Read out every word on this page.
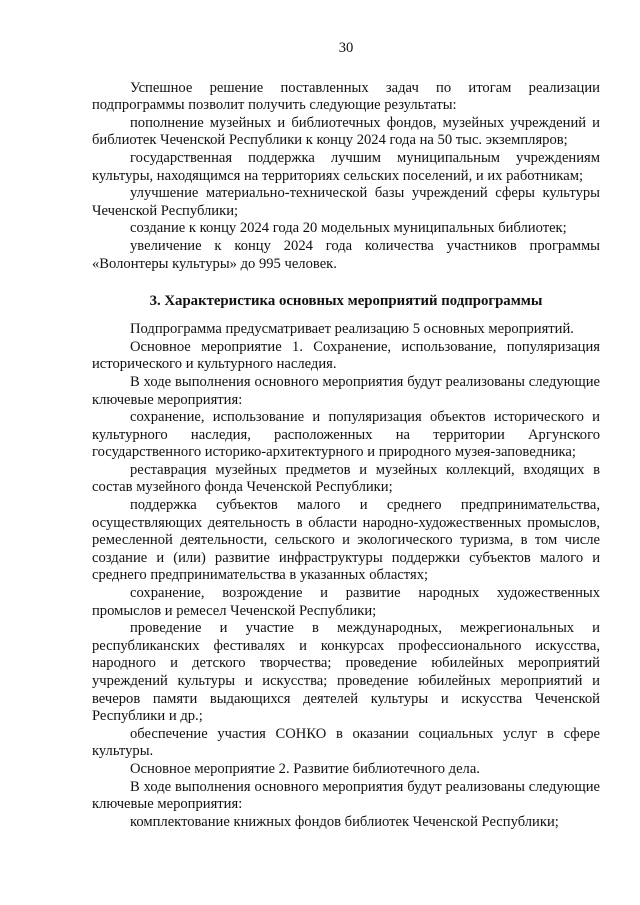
30

Успешное решение поставленных задач по итогам реализации подпрограммы позволит получить следующие результаты:

пополнение музейных и библиотечных фондов, музейных учреждений и библиотек Чеченской Республики к концу 2024 года на 50 тыс. экземпляров;

государственная поддержка лучшим муниципальным учреждениям культуры, находящимся на территориях сельских поселений, и их работникам;

улучшение материально-технической базы учреждений сферы культуры Чеченской Республики;

создание к концу 2024 года 20 модельных муниципальных библиотек;

увеличение к концу 2024 года количества участников программы «Волонтеры культуры» до 995 человек.

3. Характеристика основных мероприятий подпрограммы

Подпрограмма предусматривает реализацию 5 основных мероприятий.

Основное мероприятие 1. Сохранение, использование, популяризация исторического и культурного наследия.

В ходе выполнения основного мероприятия будут реализованы следующие ключевые мероприятия:

сохранение, использование и популяризация объектов исторического и культурного наследия, расположенных на территории Аргунского государственного историко-архитектурного и природного музея-заповедника;

реставрация музейных предметов и музейных коллекций, входящих в состав музейного фонда Чеченской Республики;

поддержка субъектов малого и среднего предпринимательства, осуществляющих деятельность в области народно-художественных промыслов, ремесленной деятельности, сельского и экологического туризма, в том числе создание и (или) развитие инфраструктуры поддержки субъектов малого и среднего предпринимательства в указанных областях;

сохранение, возрождение и развитие народных художественных промыслов и ремесел Чеченской Республики;

проведение и участие в международных, межрегиональных и республиканских фестивалях и конкурсах профессионального искусства, народного и детского творчества; проведение юбилейных мероприятий учреждений культуры и искусства; проведение юбилейных мероприятий и вечеров памяти выдающихся деятелей культуры и искусства Чеченской Республики и др.;

обеспечение участия СОНКО в оказании социальных услуг в сфере культуры.

Основное мероприятие 2. Развитие библиотечного дела.

В ходе выполнения основного мероприятия будут реализованы следующие ключевые мероприятия:

комплектование книжных фондов библиотек Чеченской Республики;
